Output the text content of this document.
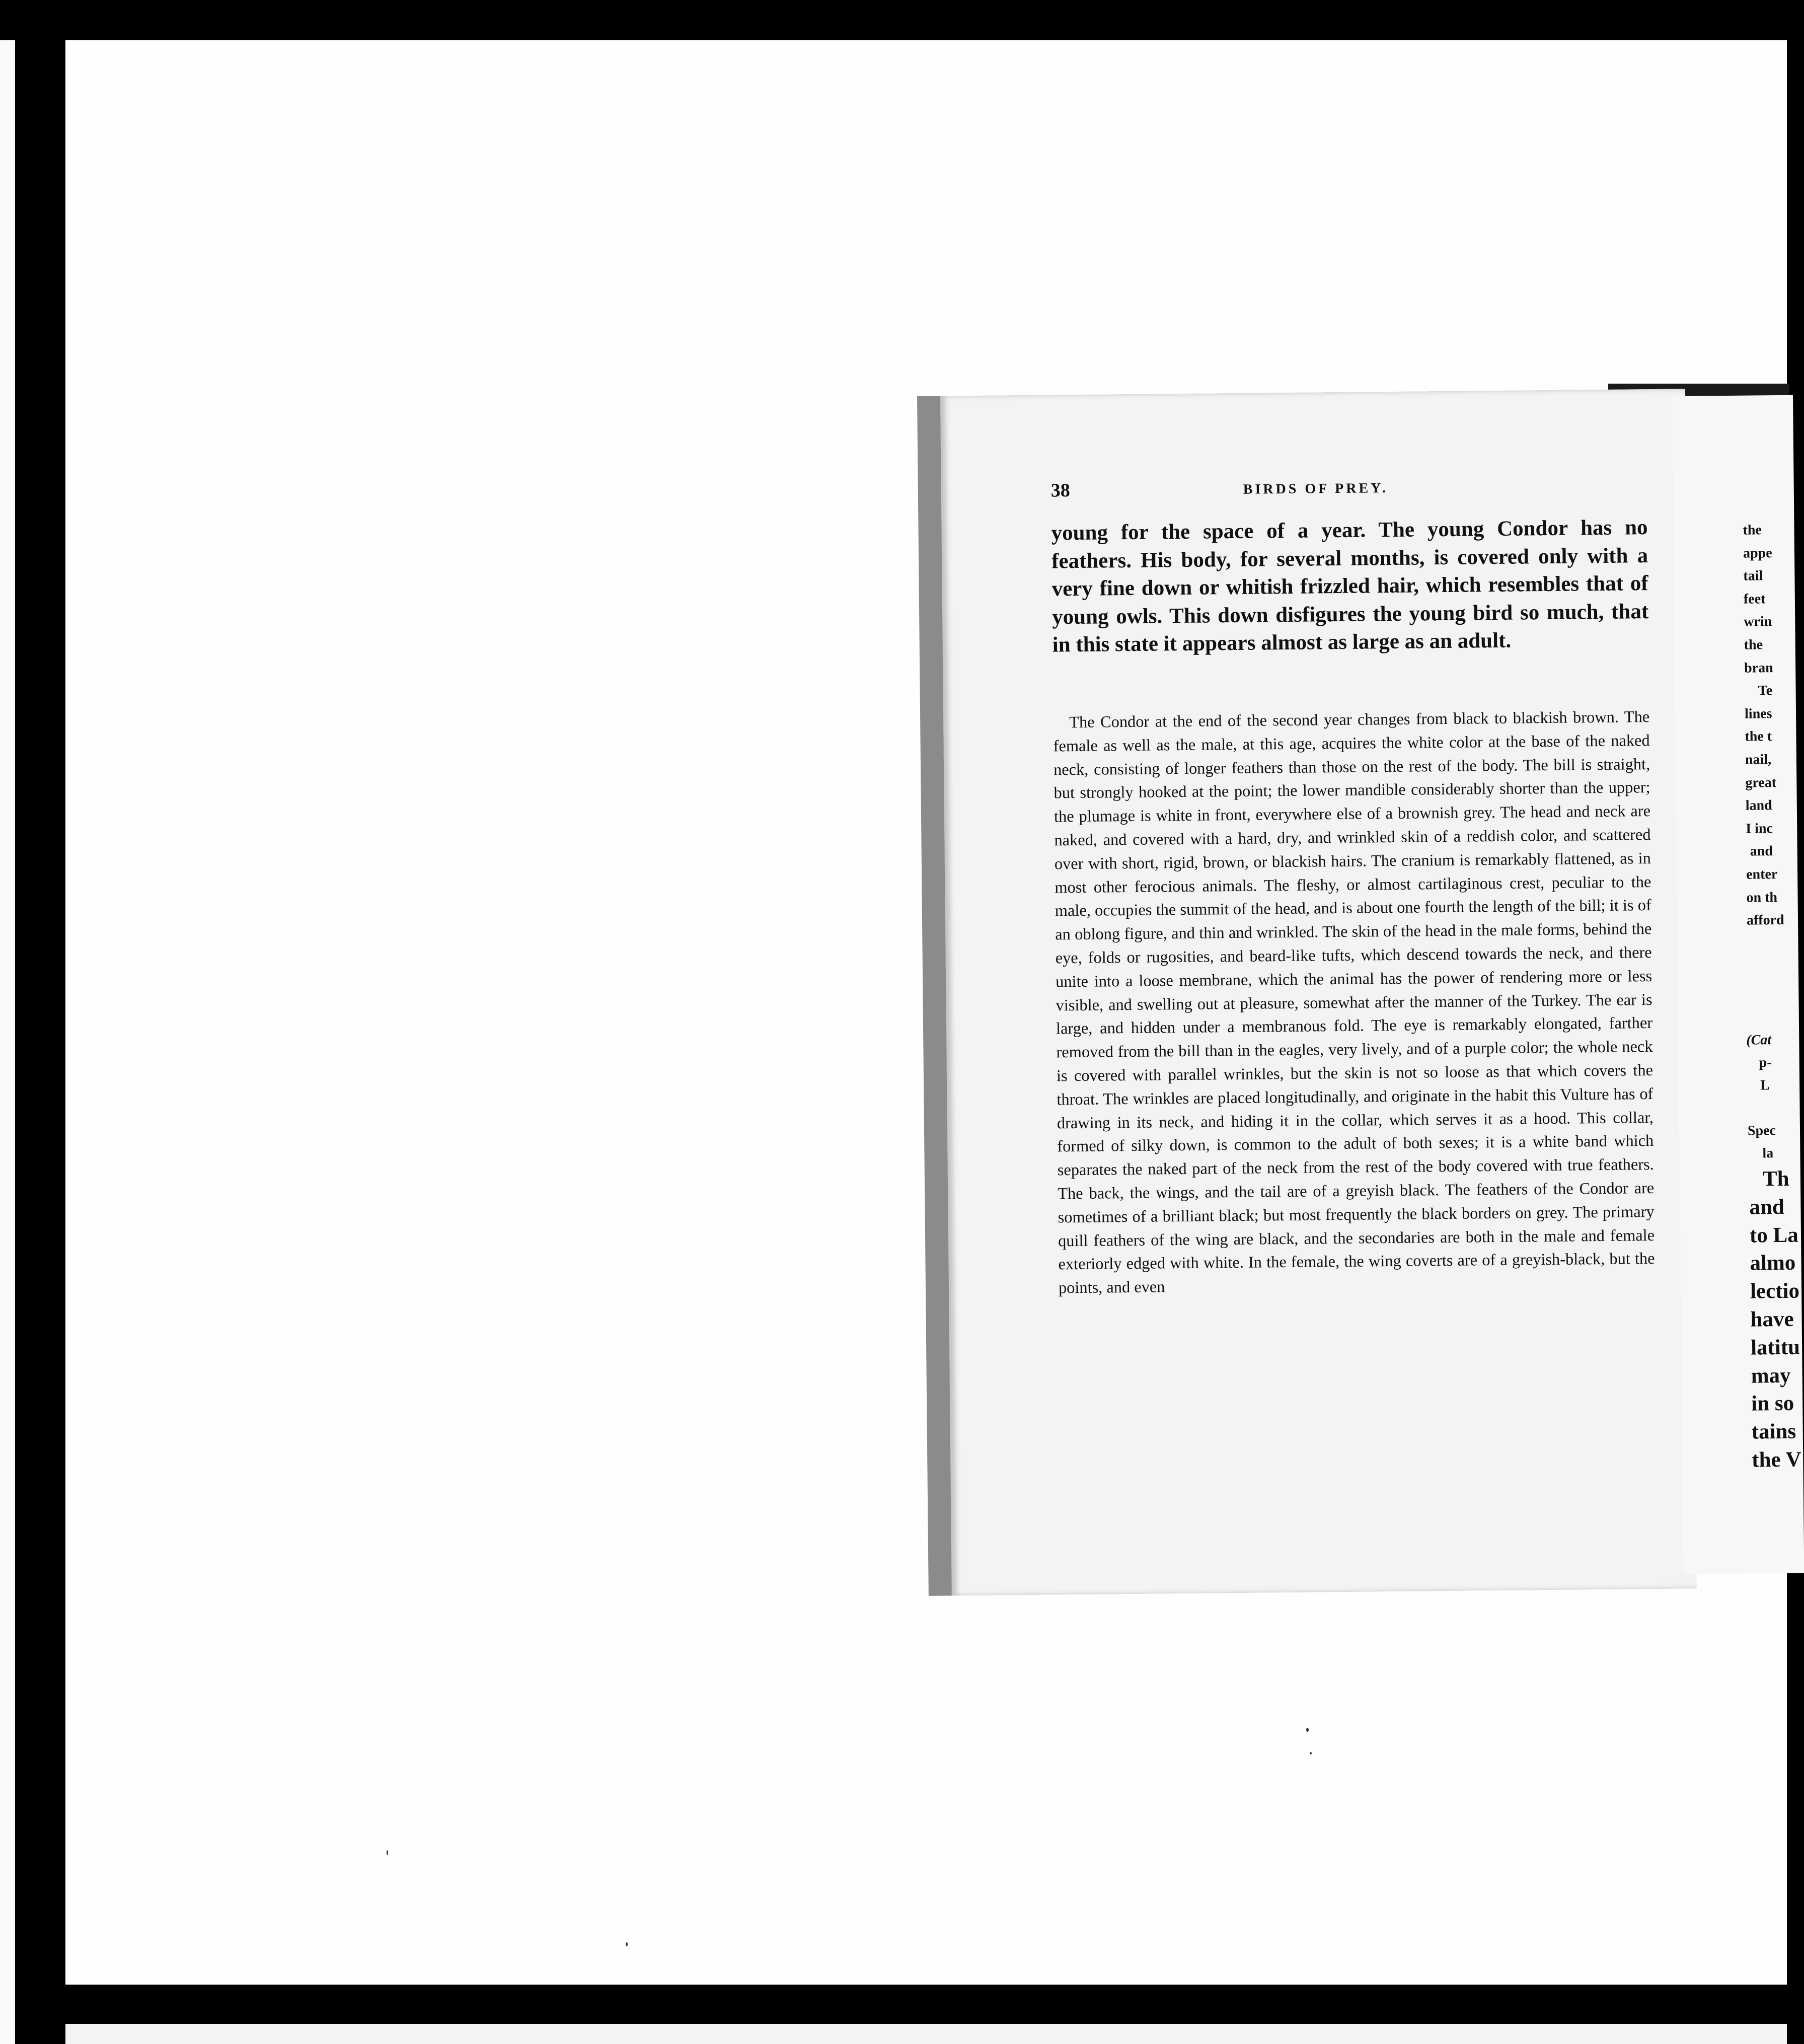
38	BIRDS OF PREY.

young for the space of a year. The young Condor has no feathers. His body, for several months, is covered only with a very fine down or whitish frizzled hair, which resembles that of young owls. This down disfigures the young bird so much, that in this state it appears almost as large as an adult.

The Condor at the end of the second year changes from black to blackish brown. The female as well as the male, at this age, acquires the white color at the base of the naked neck, consisting of longer feathers than those on the rest of the body. The bill is straight, but strongly hooked at the point; the lower mandible considerably shorter than the upper; the plumage is white in front, everywhere else of a brownish grey. The head and neck are naked, and covered with a hard, dry, and wrinkled skin of a reddish color, and scattered over with short, rigid, brown, or blackish hairs. The cranium is remarkably flattened, as in most other ferocious animals. The fleshy, or almost cartilaginous crest, peculiar to the male, occupies the summit of the head, and is about one fourth the length of the bill; it is of an oblong figure, and thin and wrinkled. The skin of the head in the male forms, behind the eye, folds or rugosities, and beard-like tufts, which descend towards the neck, and there unite into a loose membrane, which the animal has the power of rendering more or less visible, and swelling out at pleasure, somewhat after the manner of the Turkey. The ear is large, and hidden under a membranous fold. The eye is remarkably elongated, farther removed from the bill than in the eagles, very lively, and of a purple color; the whole neck is covered with parallel wrinkles, but the skin is not so loose as that which covers the throat. The wrinkles are placed longitudinally, and originate in the habit this Vulture has of drawing in its neck, and hiding it in the collar, which serves it as a hood. This collar, formed of silky down, is common to the adult of both sexes; it is a white band which separates the naked part of the neck from the rest of the body covered with true feathers. The back, the wings, and the tail are of a greyish black. The feathers of the Condor are sometimes of a brilliant black; but most frequently the black borders on grey. The primary quill feathers of the wing are black, and the secondaries are both in the male and female exteriorly edged with white. In the female, the wing coverts are of a greyish-black, but the points, and even

the
appe
tail
feet
wrin
the
bran
Te
lines
the t
nail,
great
land
I inc
and
enter
on th
afford
(Cat
p-
L
Spec
la
Th
and
to La
almo
lectio
have
latitu
may
in so
tains
the V
